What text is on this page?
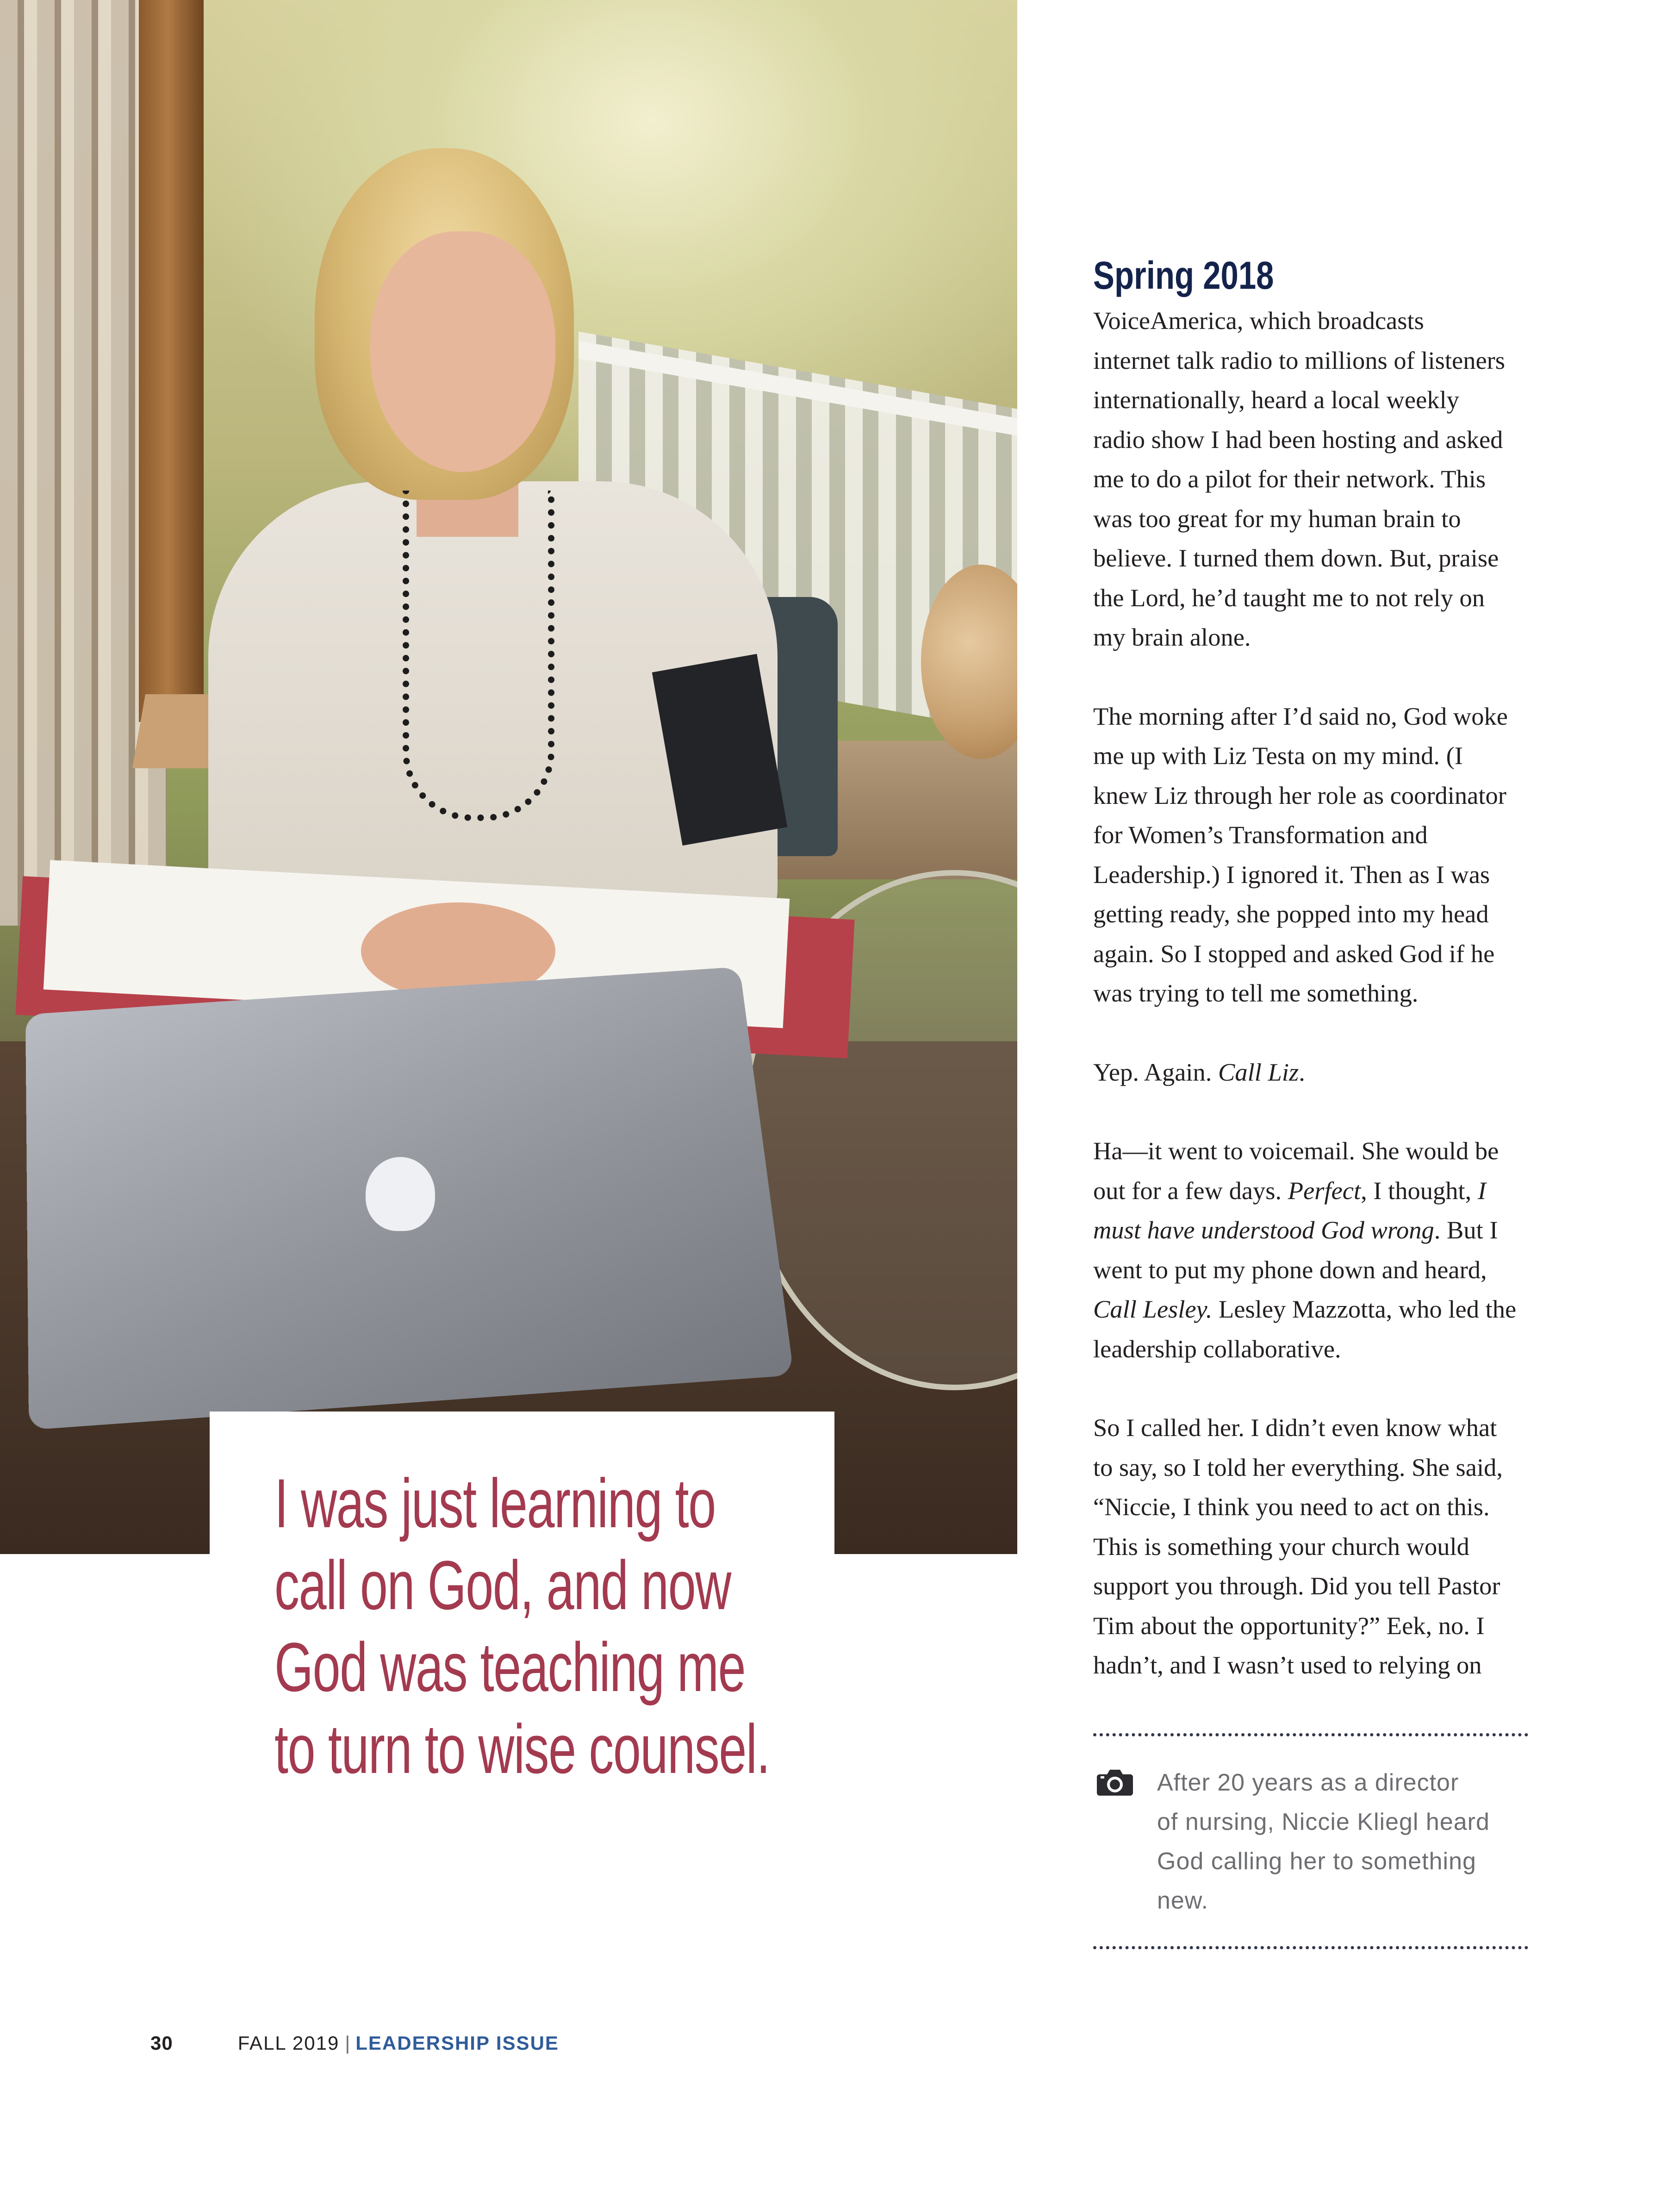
I was just learning to
call on God, and now
God was teaching me
to turn to wise counsel.

Spring 2018

VoiceAmerica, which broadcasts
internet talk radio to millions of listeners
internationally, heard a local weekly
radio show I had been hosting and asked
me to do a pilot for their network. This
was too great for my human brain to
believe. I turned them down. But, praise
the Lord, he’d taught me to not rely on
my brain alone.

The morning after I’d said no, God woke
me up with Liz Testa on my mind. (I
knew Liz through her role as coordinator
for Women’s Transformation and
Leadership.) I ignored it. Then as I was
getting ready, she popped into my head
again. So I stopped and asked God if he
was trying to tell me something.

Yep. Again. Call Liz.

Ha—it went to voicemail. She would be
out for a few days. Perfect, I thought, I
must have understood God wrong. But I
went to put my phone down and heard,
Call Lesley. Lesley Mazzotta, who led the
leadership collaborative.

So I called her. I didn’t even know what
to say, so I told her everything. She said,
“Niccie, I think you need to act on this.
This is something your church would
support you through. Did you tell Pastor
Tim about the opportunity?” Eek, no. I
hadn’t, and I wasn’t used to relying on

After 20 years as a director
of nursing, Niccie Kliegl heard
God calling her to something
new.

30	FALL 2019 | LEADERSHIP ISSUE
